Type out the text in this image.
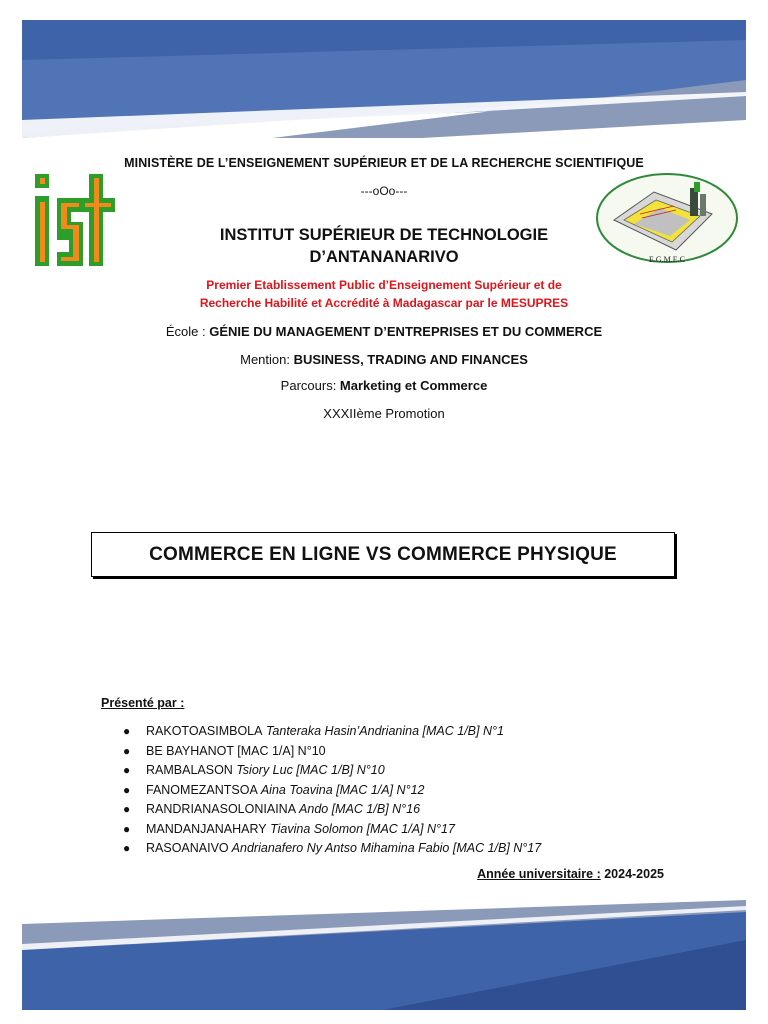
E.G.M.E.C
MINISTÈRE DE L’ENSEIGNEMENT SUPÉRIEUR ET DE LA RECHERCHE SCIENTIFIQUE
---oOo---
INSTITUT SUPÉRIEUR DE TECHNOLOGIE
D’ANTANANARIVO
Premier Etablissement Public d’Enseignement Supérieur et de
Recherche Habilité et Accrédité à Madagascar par le MESUPRES
École : GÉNIE DU MANAGEMENT D’ENTREPRISES ET DU COMMERCE
Mention: BUSINESS, TRADING AND FINANCES
Parcours: Marketing et Commerce
XXXIIème Promotion
COMMERCE EN LIGNE VS COMMERCE PHYSIQUE
Présenté par :
● RAKOTOASIMBOLA Tanteraka Hasin’Andrianina [MAC 1/B] N°1
● BE BAYHANOT [MAC 1/A] N°10
● RAMBALASON Tsiory Luc [MAC 1/B] N°10
● FANOMEZANTSOA Aina Toavina [MAC 1/A] N°12
● RANDRIANASOLONIAINA Ando [MAC 1/B] N°16
● MANDANJANAHARY Tiavina Solomon [MAC 1/A] N°17
● RASOANAIVO Andrianafero Ny Antso Mihamina Fabio [MAC 1/B] N°17
Année universitaire : 2024-2025
